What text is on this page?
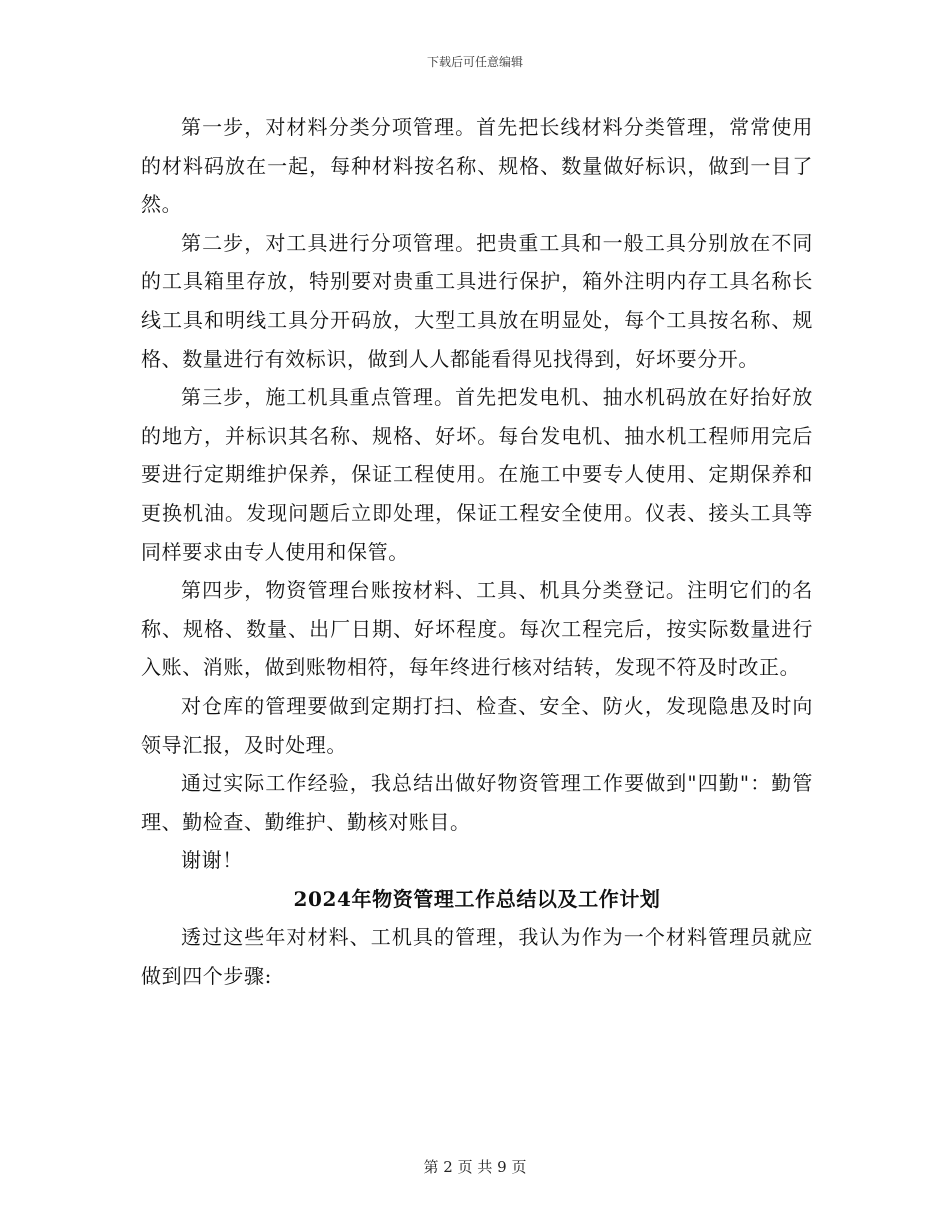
下载后可任意编辑

第一步，对材料分类分项管理。首先把长线材料分类管理，常常使用的材料码放在一起，每种材料按名称、规格、数量做好标识，做到一目了然。

第二步，对工具进行分项管理。把贵重工具和一般工具分别放在不同的工具箱里存放，特别要对贵重工具进行保护，箱外注明内存工具名称长线工具和明线工具分开码放，大型工具放在明显处，每个工具按名称、规格、数量进行有效标识，做到人人都能看得见找得到，好坏要分开。

第三步，施工机具重点管理。首先把发电机、抽水机码放在好抬好放的地方，并标识其名称、规格、好坏。每台发电机、抽水机工程师用完后要进行定期维护保养，保证工程使用。在施工中要专人使用、定期保养和更换机油。发现问题后立即处理，保证工程安全使用。仪表、接头工具等同样要求由专人使用和保管。

第四步，物资管理台账按材料、工具、机具分类登记。注明它们的名称、规格、数量、出厂日期、好坏程度。每次工程完后，按实际数量进行入账、消账，做到账物相符，每年终进行核对结转，发现不符及时改正。

对仓库的管理要做到定期打扫、检查、安全、防火，发现隐患及时向领导汇报，及时处理。

通过实际工作经验，我总结出做好物资管理工作要做到"四勤"：勤管理、勤检查、勤维护、勤核对账目。

谢谢！

2024年物资管理工作总结以及工作计划

透过这些年对材料、工机具的管理，我认为作为一个材料管理员就应做到四个步骤:

第 2 页 共 9 页
